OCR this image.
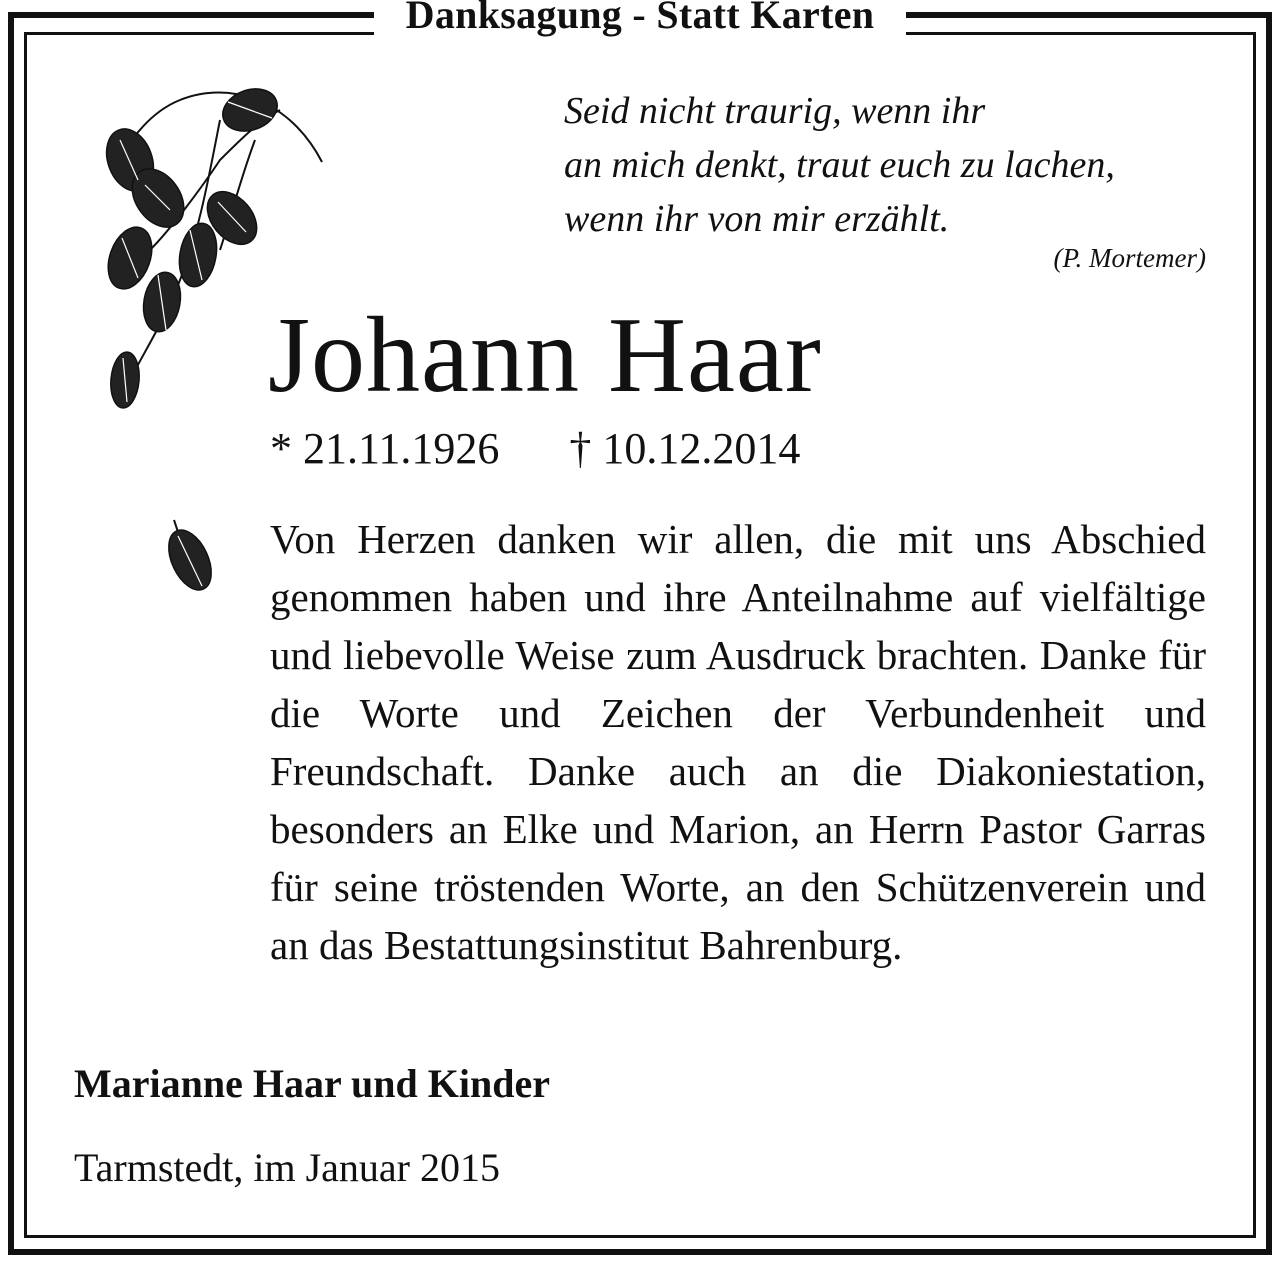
Danksagung - Statt Karten
Seid nicht traurig, wenn ihr
an mich denkt, traut euch zu lachen,
wenn ihr von mir erzählt.
(P. Mortemer)
Johann Haar
* 21.11.1926 † 10.12.2014
Von Herzen danken wir allen, die mit uns Abschied genommen haben und ihre Anteilnahme auf vielfältige und liebevolle Weise zum Ausdruck brachten. Danke für die Worte und Zeichen der Verbundenheit und Freundschaft. Danke auch an die Diakoniestation, besonders an Elke und Marion, an Herrn Pastor Garras für seine tröstenden Worte, an den Schützenverein und an das Bestattungsinstitut Bahrenburg.
Marianne Haar und Kinder
Tarmstedt, im Januar 2015
